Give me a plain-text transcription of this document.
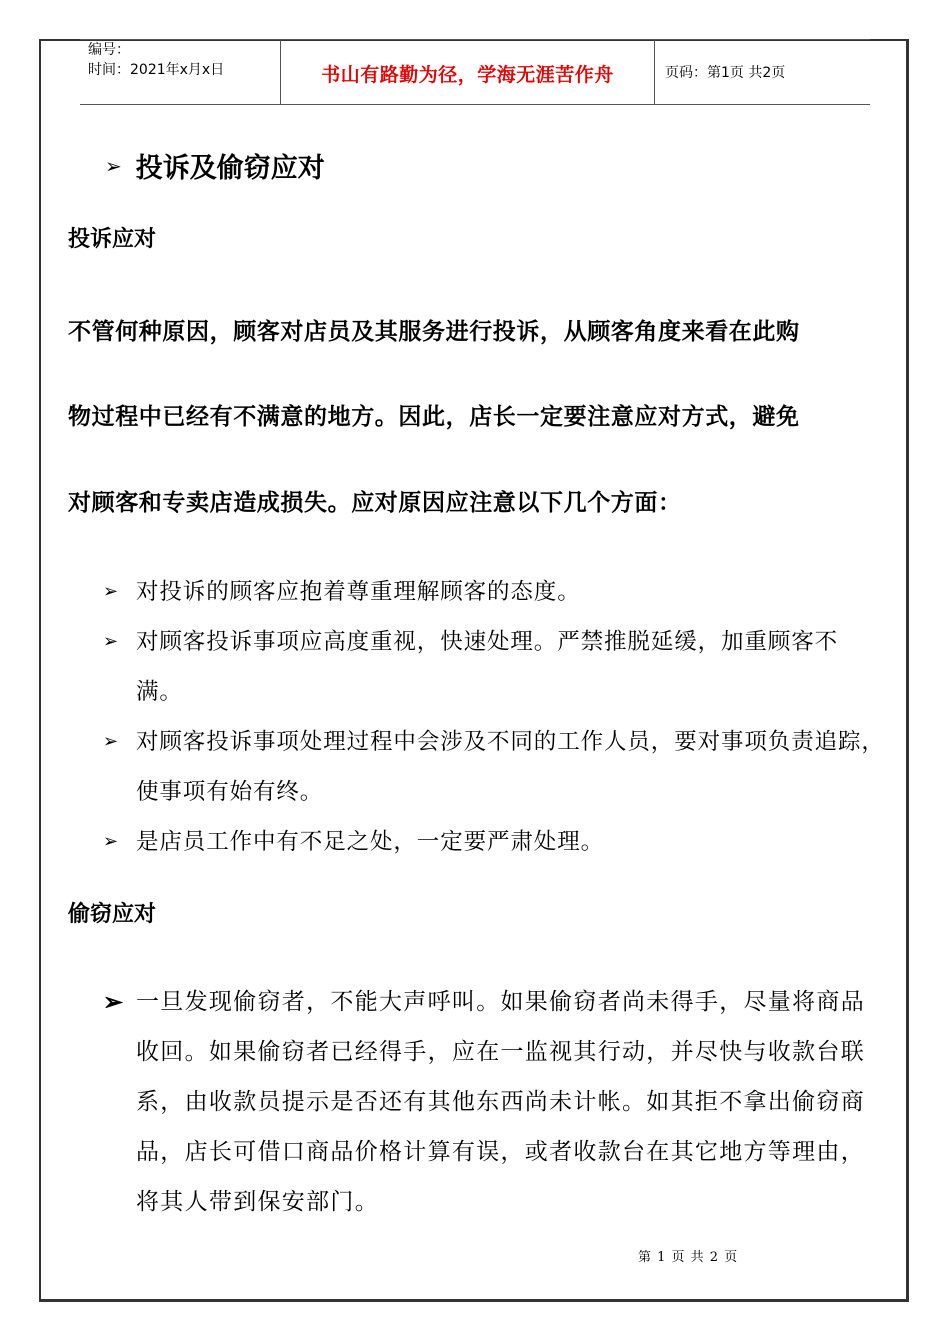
编号：
时间：2021年x月x日	书山有路勤为径，学海无涯苦作舟	页码：第1页 共2页
➢ 投诉及偷窃应对
投诉应对
不管何种原因，顾客对店员及其服务进行投诉，从顾客角度来看在此购
物过程中已经有不满意的地方。因此，店长一定要注意应对方式，避免
对顾客和专卖店造成损失。应对原因应注意以下几个方面：
➢ 对投诉的顾客应抱着尊重理解顾客的态度。
➢ 对顾客投诉事项应高度重视，快速处理。严禁推脱延缓，加重顾客不满。
➢ 对顾客投诉事项处理过程中会涉及不同的工作人员，要对事项负责追踪，　使事项有始有终。
➢ 是店员工作中有不足之处，一定要严肃处理。
偷窃应对
➢ 一旦发现偷窃者，不能大声呼叫。如果偷窃者尚未得手，尽量将商品收回。如果偷窃者已经得手，应在一监视其行动，并尽快与收款台联系，由收款员提示是否还有其他东西尚未计帐。如其拒不拿出偷窃商品，店长可借口商品价格计算有误，或者收款台在其它地方等理由，将其人带到保安部门。
第 1 页 共 2 页
